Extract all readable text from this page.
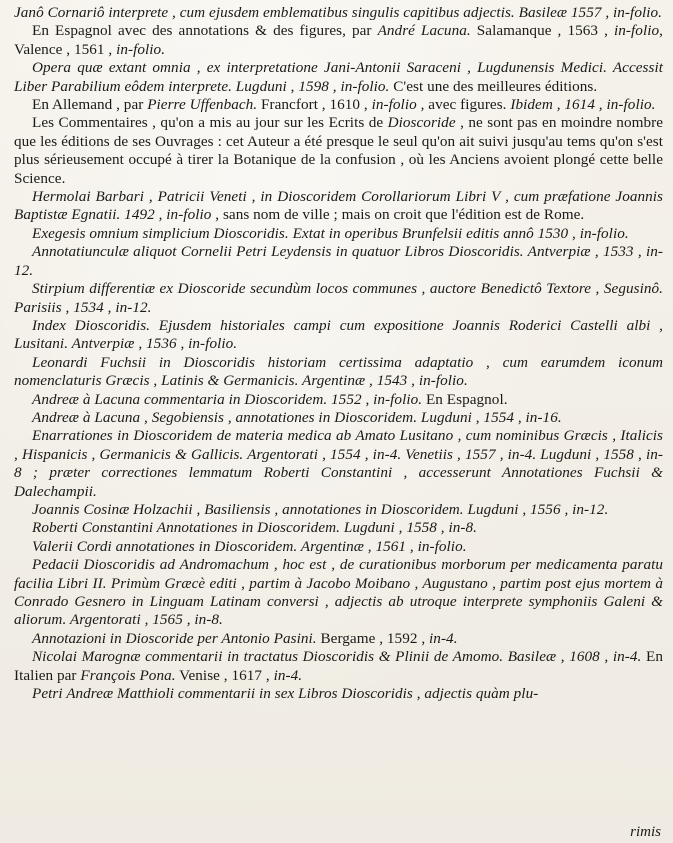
Janô Cornariô interprete , cum ejusdem emblematibus singulis capitibus adjectis. Basileæ 1557 , in-folio.

En Espagnol avec des annotations & des figures, par André Lacuna. Salamanque , 1563 , in-folio, Valence , 1561 , in-folio.

Opera quæ extant omnia , ex interpretatione Jani-Antonii Saraceni , Lugdunensis Medici. Accessit Liber Parabilium eôdem interprete. Lugduni , 1598 , in-folio. C'est une des meilleures éditions.

En Allemand , par Pierre Uffenbach. Francfort , 1610 , in-folio , avec figures. Ibidem , 1614 , in-folio.

Les Commentaires , qu'on a mis au jour sur les Ecrits de Dioscoride , ne sont pas en moindre nombre que les éditions de ses Ouvrages : cet Auteur a été presque le seul qu'on ait suivi jusqu'au tems qu'on s'est plus sérieusement occupé à tirer la Botanique de la confusion , où les Anciens avoient plongé cette belle Science.

Hermolai Barbari , Patricii Veneti , in Dioscoridem Corollariorum Libri V , cum præfatione Joannis Baptistæ Egnatii. 1492 , in-folio , sans nom de ville ; mais on croit que l'édition est de Rome.

Exegesis omnium simplicium Dioscoridis. Extat in operibus Brunfelsii editis annô 1530 , in-folio.

Annotatiunculæ aliquot Cornelii Petri Leydensis in quatuor Libros Dioscoridis. Antverpiæ , 1533 , in-12.

Stirpium differentiæ ex Dioscoride secundùm locos communes , auctore Benedictô Textore , Segusinô. Parisiis , 1534 , in-12.

Index Dioscoridis. Ejusdem historiales campi cum expositione Joannis Roderici Castelli albi , Lusitani. Antverpiæ , 1536 , in-folio.

Leonardi Fuchsii in Dioscoridis historiam certissima adaptatio , cum earumdem iconum nomenclaturis Græcis , Latinis & Germanicis. Argentinæ , 1543 , in-folio.

Andreæ à Lacuna commentaria in Dioscoridem. 1552 , in-folio. En Espagnol.

Andreæ à Lacuna , Segobiensis , annotationes in Dioscoridem. Lugduni , 1554 , in-16.

Enarrationes in Dioscoridem de materia medica ab Amato Lusitano , cum nominibus Græcis , Italicis , Hispanicis , Germanicis & Gallicis. Argentorati , 1554 , in-4. Venetiis , 1557 , in-4. Lugduni , 1558 , in-8 ; præter correctiones lemmatum Roberti Constantini , accesserunt Annotationes Fuchsii & Dalechampii.

Joannis Cosinæ Holzachii , Basiliensis , annotationes in Dioscoridem. Lugduni , 1556 , in-12.

Roberti Constantini Annotationes in Dioscoridem. Lugduni , 1558 , in-8.

Valerii Cordi annotationes in Dioscoridem. Argentinæ , 1561 , in-folio.

Pedacii Dioscoridis ad Andromachum , hoc est , de curationibus morborum per medicamenta paratu facilia Libri II. Primùm Græcè editi , partim à Jacobo Moibano , Augustano , partim post ejus mortem à Conrado Gesnero in Linguam Latinam conversi , adjectis ab utroque interprete symphoniis Galeni & aliorum. Argentorati , 1565 , in-8.

Annotazioni in Dioscoride per Antonio Pasini. Bergame , 1592 , in-4.

Nicolai Marognæ commentarii in tractatus Dioscoridis & Plinii de Amomo. Basileæ , 1608 , in-4. En Italien par François Pona. Venise , 1617 , in-4.

Petri Andreæ Matthioli commentarii in sex Libros Dioscoridis , adjectis quàm plu-

rimis
